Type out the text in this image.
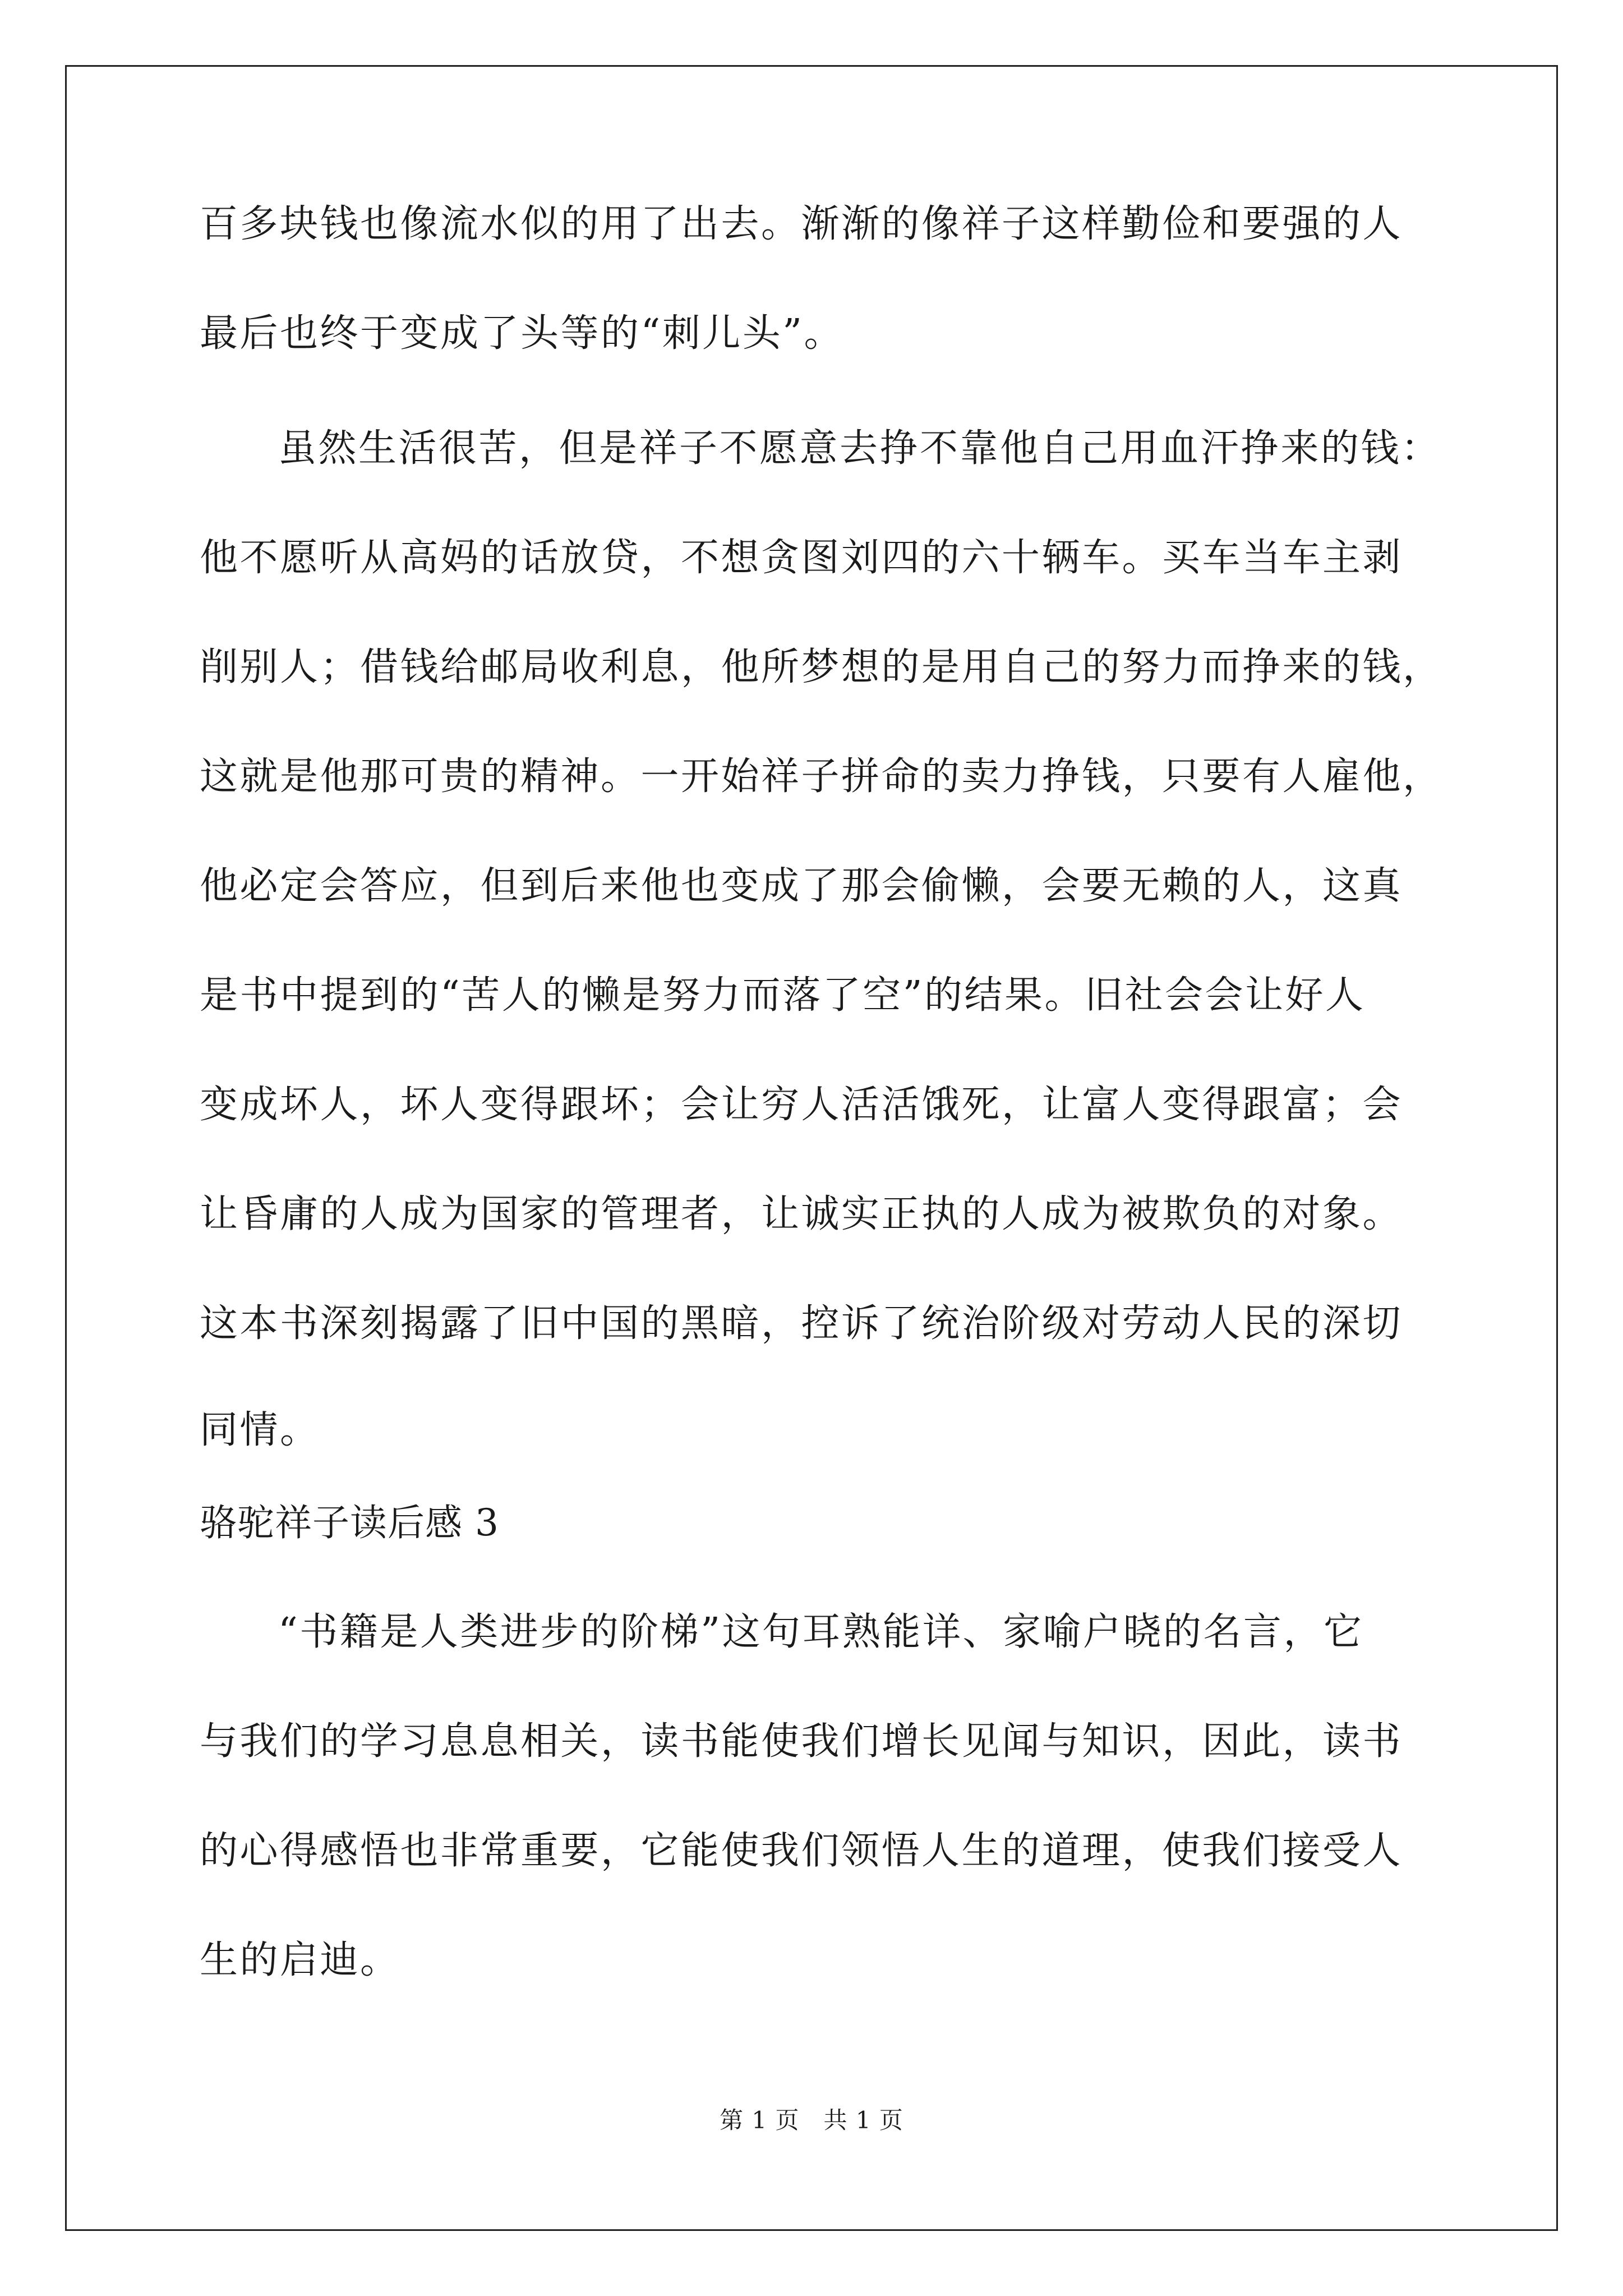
百多块钱也像流水似的用了出去。渐渐的像祥子这样勤俭和要强的人
最后也终于变成了头等的“刺儿头”。
虽然生活很苦，但是祥子不愿意去挣不靠他自己用血汗挣来的钱：
他不愿听从高妈的话放贷，不想贪图刘四的六十辆车。买车当车主剥
削别人；借钱给邮局收利息，他所梦想的是用自己的努力而挣来的钱，
这就是他那可贵的精神。一开始祥子拼命的卖力挣钱，只要有人雇他，
他必定会答应，但到后来他也变成了那会偷懒，会要无赖的人，这真
是书中提到的“苦人的懒是努力而落了空”的结果。旧社会会让好人
变成坏人，坏人变得跟坏；会让穷人活活饿死，让富人变得跟富；会
让昏庸的人成为国家的管理者，让诚实正执的人成为被欺负的对象。
这本书深刻揭露了旧中国的黑暗，控诉了统治阶级对劳动人民的深切
同情。
骆驼祥子读后感 3
“书籍是人类进步的阶梯”这句耳熟能详、家喻户晓的名言，它
与我们的学习息息相关，读书能使我们增长见闻与知识，因此，读书
的心得感悟也非常重要，它能使我们领悟人生的道理，使我们接受人
生的启迪。
第 1 页　共 1 页
